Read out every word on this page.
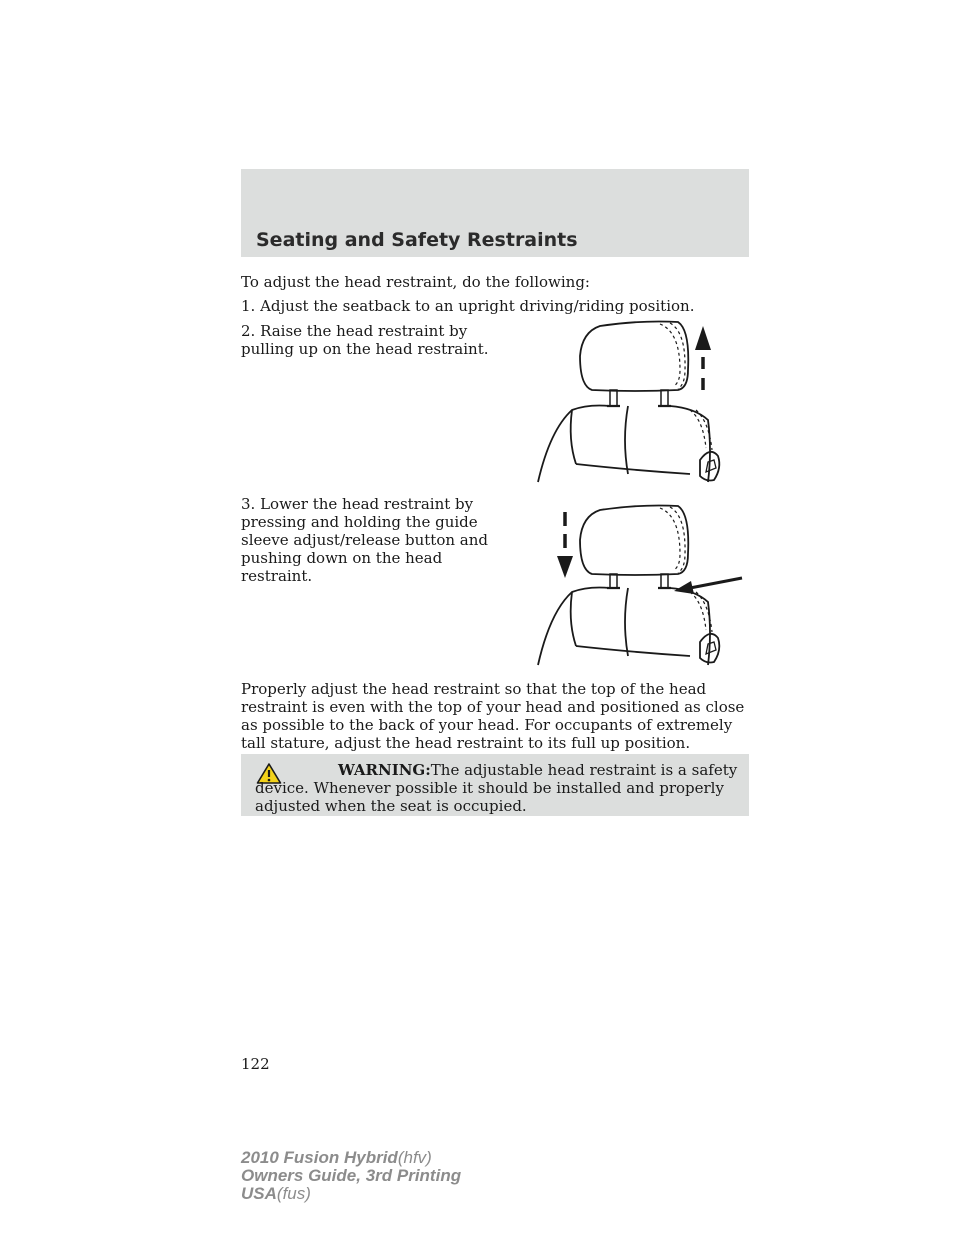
Seating and Safety Restraints

To adjust the head restraint, do the following:

1. Adjust the seatback to an upright driving/riding position.

2. Raise the head restraint by pulling up on the head restraint.

3. Lower the head restraint by pressing and holding the guide sleeve adjust/release button and pushing down on the head restraint.

Properly adjust the head restraint so that the top of the head restraint is even with the top of your head and positioned as close as possible to the back of your head. For occupants of extremely tall stature, adjust the head restraint to its full up position.

WARNING:The adjustable head restraint is a safety device. Whenever possible it should be installed and properly adjusted when the seat is occupied.

122
2010 Fusion Hybrid(hfv)
Owners Guide, 3rd Printing
USA(fus)
